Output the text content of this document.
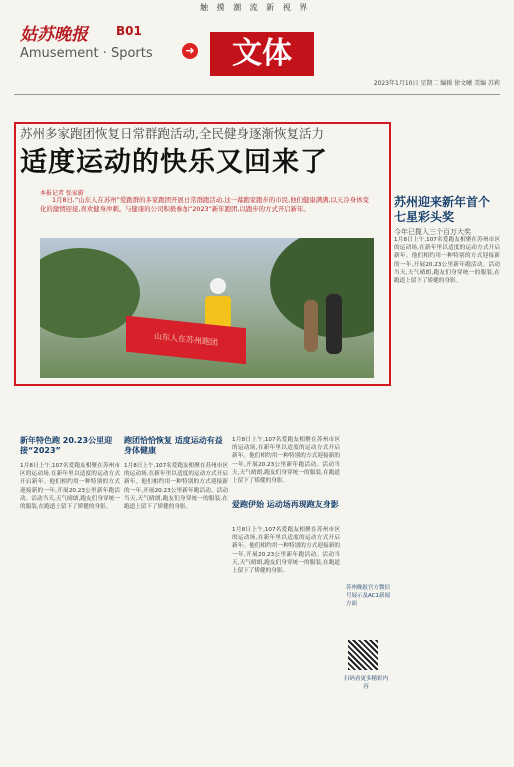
触 摸 潮 流 新 视 界
姑苏晚报 B01
Amusement · Sports	➜	文体
2023年1月10日 星期二 编辑 徐文曦 美编 苏莉
苏州多家跑团恢复日常群跑活动,全民健身逐渐恢复活力
适度运动的快乐又回来了
本报记者 张家蔚
1月8日,“山东人在苏州”爱跑群的多家跑团开展日常群跑活动,这一幕跑家跑步的市民,他们健康满满,以天冷身体变化的激情迎接,喜欢健身冲刺。与健康的公司积极参加“2023”新年跑团,以跑步的方式开启新年。
山东人在苏州跑团
苏州迎来新年首个七星彩头奖
今年已揽入三个百万大奖
1月8日上午,107名爱跑友相聚在苏州市区的运动场,在新年里以适度的运动方式开启新年。他们相约用一种特别的方式迎接新的一年,开展20.23公里新年跑活动。活动当天,天气晴朗,跑友们身穿统一的服装,在跑道上留下了矫健的身影。
新年特色跑 20.23公里迎接“2023”
1月8日上午,107名爱跑友相聚在苏州市区的运动场,在新年里以适度的运动方式开启新年。他们相约用一种特别的方式迎接新的一年,开展20.23公里新年跑活动。活动当天,天气晴朗,跑友们身穿统一的服装,在跑道上留下了矫健的身影。
跑团恰恰恢复 适度运动有益身体健康
1月8日上午,107名爱跑友相聚在苏州市区的运动场,在新年里以适度的运动方式开启新年。他们相约用一种特别的方式迎接新的一年,开展20.23公里新年跑活动。活动当天,天气晴朗,跑友们身穿统一的服装,在跑道上留下了矫健的身影。
1月8日上午,107名爱跑友相聚在苏州市区的运动场,在新年里以适度的运动方式开启新年。他们相约用一种特别的方式迎接新的一年,开展20.23公里新年跑活动。活动当天,天气晴朗,跑友们身穿统一的服装,在跑道上留下了矫健的身影。
爱跑伊始 运动场再现跑友身影
1月8日上午,107名爱跑友相聚在苏州市区的运动场,在新年里以适度的运动方式开启新年。他们相约用一种特别的方式迎接新的一年,开展20.23公里新年跑活动。活动当天,天气晴朗,跑友们身穿统一的服装,在跑道上留下了矫健的身影。
苏州晚报官方微信号展示及AC1新闻方面
扫码看更多精彩内容
